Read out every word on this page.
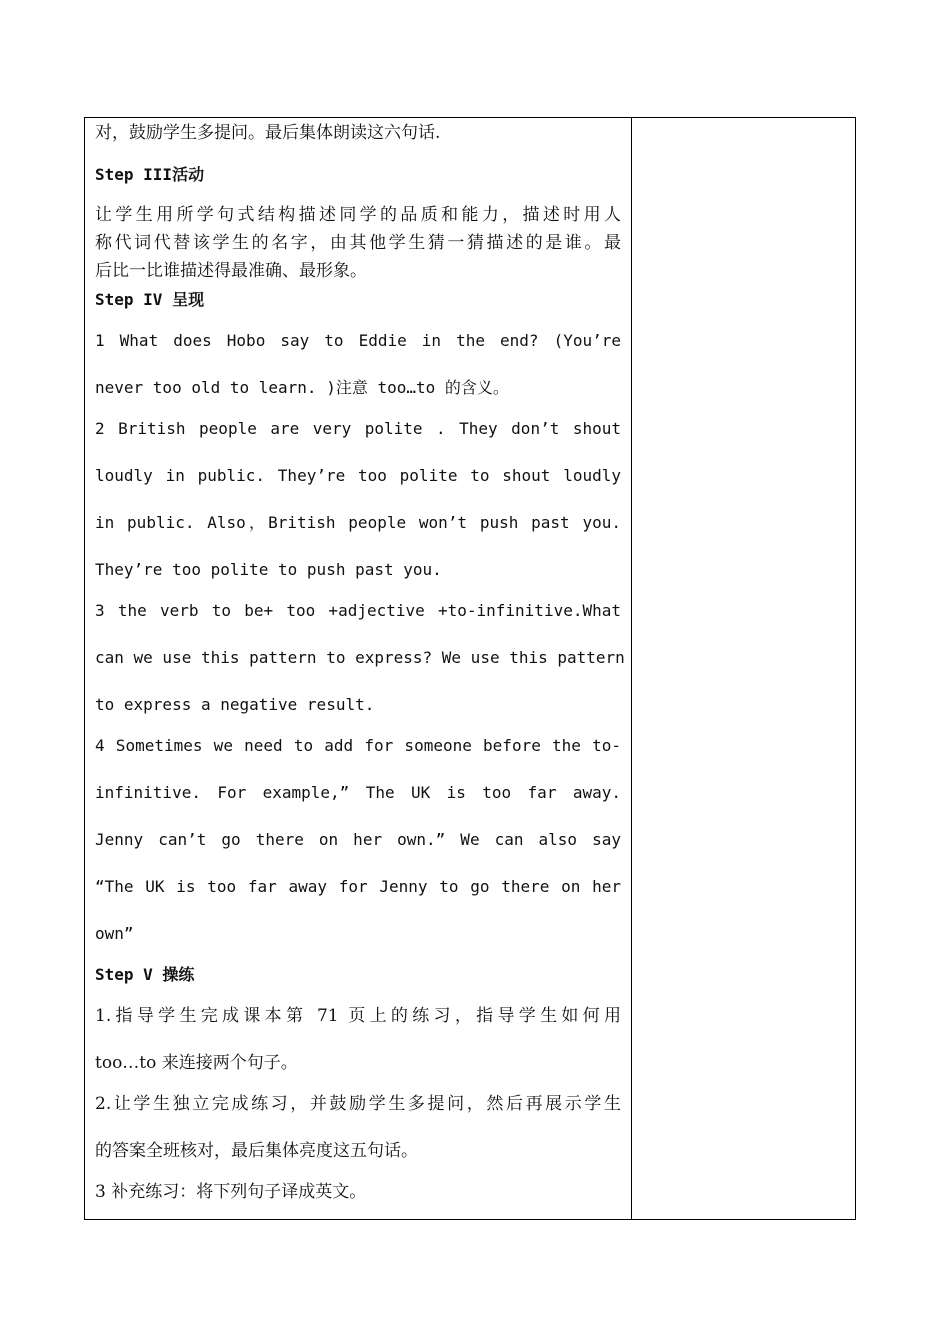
对，鼓励学生多提问。最后集体朗读这六句话.
Step III活动
让学生用所学句式结构描述同学的品质和能力，描述时用人
称代词代替该学生的名字，由其他学生猜一猜描述的是谁。最
后比一比谁描述得最准确、最形象。
Step IV 呈现
1 What does Hobo say to Eddie in the end? (You’re
never too old to learn. )注意 too…to 的含义。
2 British people are very polite . They don’t shout
loudly in public. They’re too polite to shout loudly
in public. Also，British people won’t push past you.
They’re too polite to push past you.
3 the verb to be+ too +adjective +to-infinitive.What
can we use this pattern to express? We use this pattern
to express a negative result.
4 Sometimes we need to add for someone before the to-
infinitive. For example,” The UK is too far away.
Jenny can’t go there on her own.” We can also say
“The UK is too far away for Jenny to go there on her
own”
Step V 操练
1.指导学生完成课本第 71 页上的练习，指导学生如何用
too…to 来连接两个句子。
2.让学生独立完成练习，并鼓励学生多提问，然后再展示学生
的答案全班核对，最后集体亮度这五句话。
3 补充练习：将下列句子译成英文。
